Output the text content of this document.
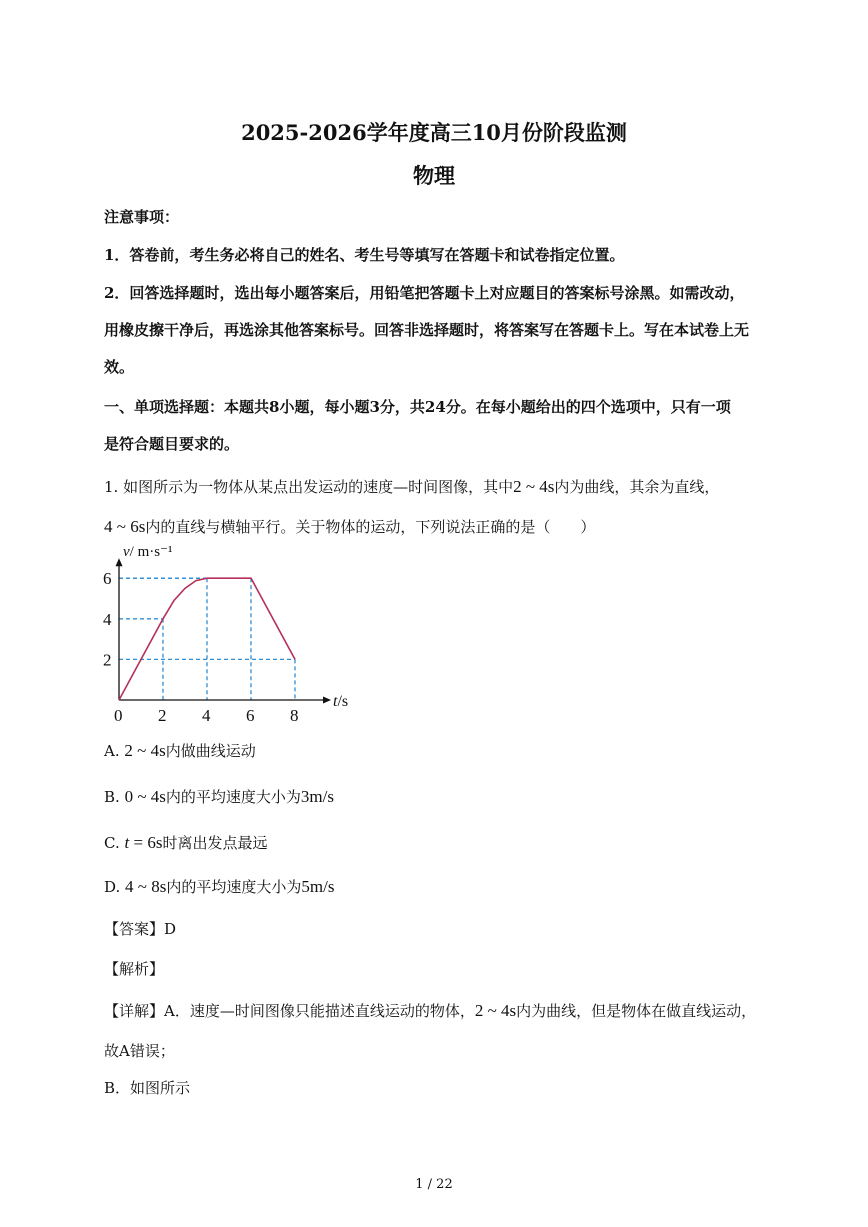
2025-2026学年度高三10月份阶段监测
物理
注意事项：
1．答卷前，考生务必将自己的姓名、考生号等填写在答题卡和试卷指定位置。
2．回答选择题时，选出每小题答案后，用铅笔把答题卡上对应题目的答案标号涂黑。如需改动，
用橡皮擦干净后，再选涂其他答案标号。回答非选择题时，将答案写在答题卡上。写在本试卷上无
效。
一、单项选择题：本题共8小题，每小题3分，共24分。在每小题给出的四个选项中，只有一项
是符合题目要求的。
1. 如图所示为一物体从某点出发运动的速度—时间图像，其中2 ~ 4s内为曲线，其余为直线，
4 ~ 6s内的直线与横轴平行。关于物体的运动，下列说法正确的是（　　）
0 2 4 6 8
2
4
6
v/ m·s⁻¹
t/s
A. 2 ~ 4s内做曲线运动
B. 0 ~ 4s内的平均速度大小为3m/s
C. t = 6s时离出发点最远
D. 4 ~ 8s内的平均速度大小为5m/s
【答案】D
【解析】
【详解】A．速度—时间图像只能描述直线运动的物体，2 ~ 4s内为曲线，但是物体在做直线运动，
故A错误；
B．如图所示
1 / 22
